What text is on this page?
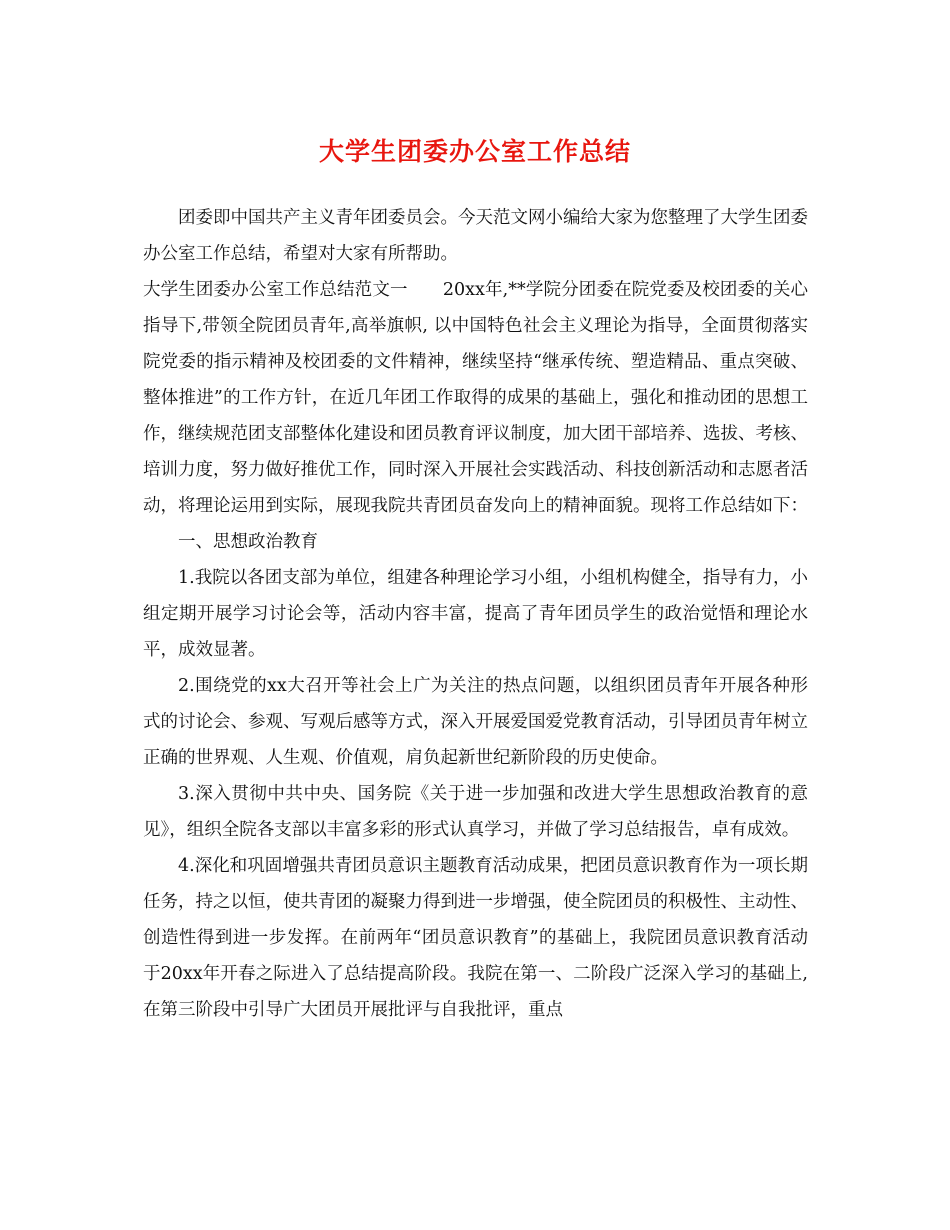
大学生团委办公室工作总结

团委即中国共产主义青年团委员会。今天范文网小编给大家为您整理了大学生团委办公室工作总结，希望对大家有所帮助。

大学生团委办公室工作总结范文一　　20xx年,**学院分团委在院党委及校团委的关心指导下,带领全院团员青年,高举旗帜, 以中国特色社会主义理论为指导，全面贯彻落实院党委的指示精神及校团委的文件精神，继续坚持“继承传统、塑造精品、重点突破、整体推进”的工作方针，在近几年团工作取得的成果的基础上，强化和推动团的思想工作，继续规范团支部整体化建设和团员教育评议制度，加大团干部培养、选拔、考核、培训力度，努力做好推优工作，同时深入开展社会实践活动、科技创新活动和志愿者活动，将理论运用到实际，展现我院共青团员奋发向上的精神面貌。现将工作总结如下：

一、思想政治教育

1.我院以各团支部为单位，组建各种理论学习小组，小组机构健全，指导有力，小组定期开展学习讨论会等，活动内容丰富，提高了青年团员学生的政治觉悟和理论水平，成效显著。

2.围绕党的xx大召开等社会上广为关注的热点问题，以组织团员青年开展各种形式的讨论会、参观、写观后感等方式，深入开展爱国爱党教育活动，引导团员青年树立正确的世界观、人生观、价值观，肩负起新世纪新阶段的历史使命。

3.深入贯彻中共中央、国务院《关于进一步加强和改进大学生思想政治教育的意见》，组织全院各支部以丰富多彩的形式认真学习，并做了学习总结报告，卓有成效。

4.深化和巩固增强共青团员意识主题教育活动成果，把团员意识教育作为一项长期任务，持之以恒，使共青团的凝聚力得到进一步增强，使全院团员的积极性、主动性、创造性得到进一步发挥。在前两年“团员意识教育”的基础上，我院团员意识教育活动于20xx年开春之际进入了总结提高阶段。我院在第一、二阶段广泛深入学习的基础上,在第三阶段中引导广大团员开展批评与自我批评，重点
